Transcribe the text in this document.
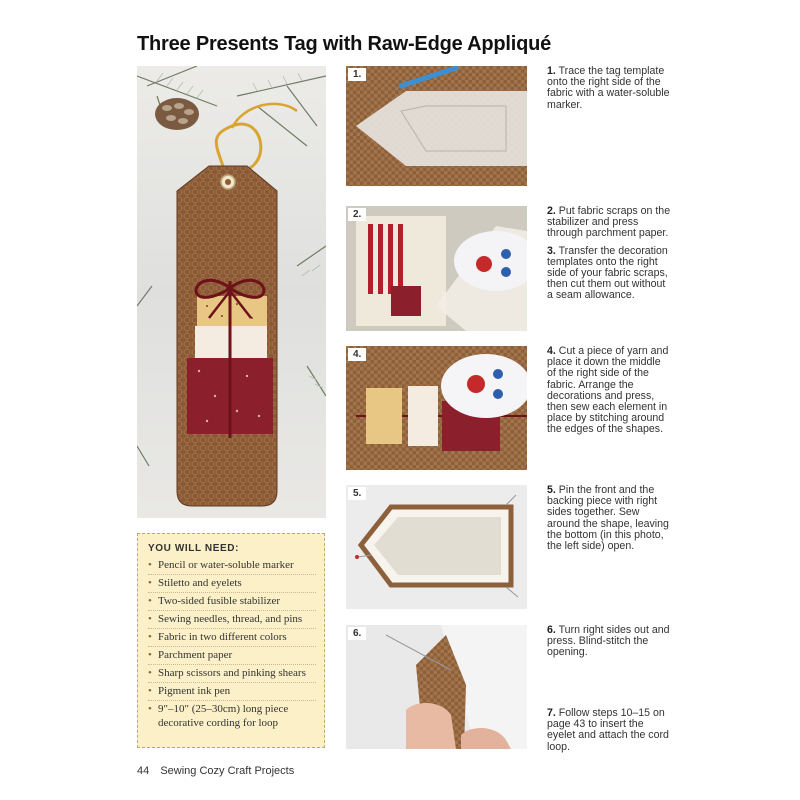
Three Presents Tag with Raw-Edge Appliqué
1.
2.
4.
5.
6.

1. Trace the tag template onto the right side of the fabric with a water-soluble marker.

2. Put fabric scraps on the stabilizer and press through parchment paper.

3. Transfer the decoration templates onto the right side of your fabric scraps, then cut them out without a seam allowance.

4. Cut a piece of yarn and place it down the middle of the right side of the fabric. Arrange the decorations and press, then sew each element in place by stitching around the edges of the shapes.

5. Pin the front and the backing piece with right sides together. Sew around the shape, leaving the bottom (in this photo, the left side) open.

6. Turn right sides out and press. Blind-stitch the opening.

7. Follow steps 10–15 on page 43 to insert the eyelet and attach the cord loop.

YOU WILL NEED:
• Pencil or water-soluble marker
• Stiletto and eyelets
• Two-sided fusible stabilizer
• Sewing needles, thread, and pins
• Fabric in two different colors
• Parchment paper
• Sharp scissors and pinking shears
• Pigment ink pen
• 9"–10" (25–30cm) long piece decorative cording for loop
44 Sewing Cozy Craft Projects
